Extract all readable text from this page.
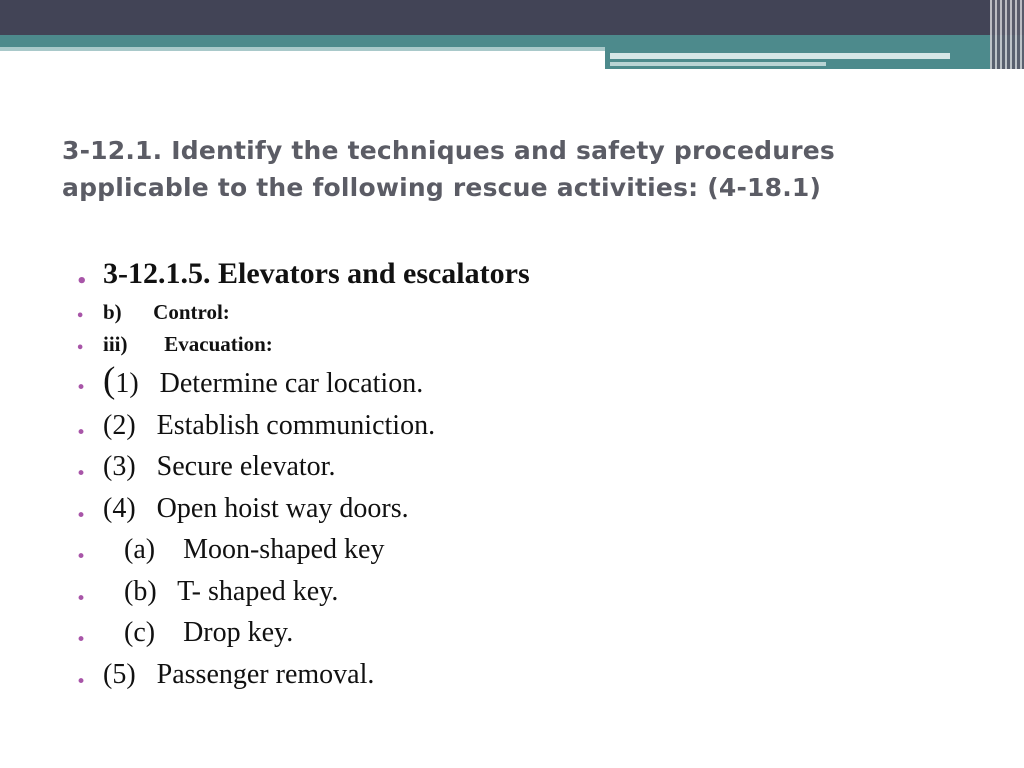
3-12.1. Identify the techniques and safety procedures
applicable to the following rescue activities: (4-18.1)
• 3-12.1.5. Elevators and escalators
• b)      Control:
• iii)       Evacuation:
• (1)   Determine car location.
• (2)   Establish communiction.
• (3)   Secure elevator.
• (4)   Open hoist way doors.
• (a)    Moon-shaped key
• (b)   T- shaped key.
• (c)    Drop key.
• (5)   Passenger removal.
